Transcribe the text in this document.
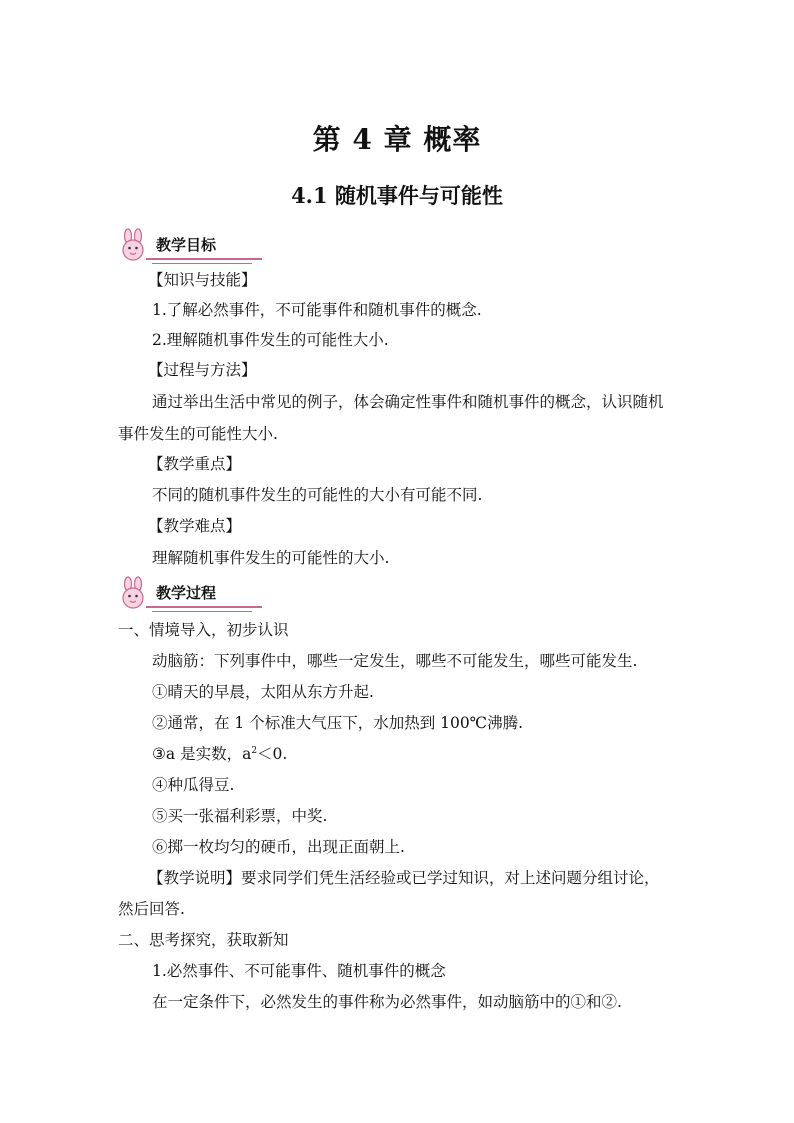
第 4 章 概率
4.1 随机事件与可能性
教学目标
【知识与技能】
1.了解必然事件，不可能事件和随机事件的概念.
2.理解随机事件发生的可能性大小.
【过程与方法】
通过举出生活中常见的例子，体会确定性事件和随机事件的概念，认识随机
事件发生的可能性大小.
【教学重点】
不同的随机事件发生的可能性的大小有可能不同.
【教学难点】
理解随机事件发生的可能性的大小.
教学过程
一、情境导入，初步认识
动脑筋：下列事件中，哪些一定发生，哪些不可能发生，哪些可能发生.
①晴天的早晨，太阳从东方升起.
②通常，在 1 个标准大气压下，水加热到 100℃沸腾.
③a 是实数，$a^2<0$.
④种瓜得豆.
⑤买一张福利彩票，中奖.
⑥掷一枚均匀的硬币，出现正面朝上.
【教学说明】要求同学们凭生活经验或已学过知识，对上述问题分组讨论，
然后回答.
二、思考探究，获取新知
1.必然事件、不可能事件、随机事件的概念
在一定条件下，必然发生的事件称为必然事件，如动脑筋中的①和②.
